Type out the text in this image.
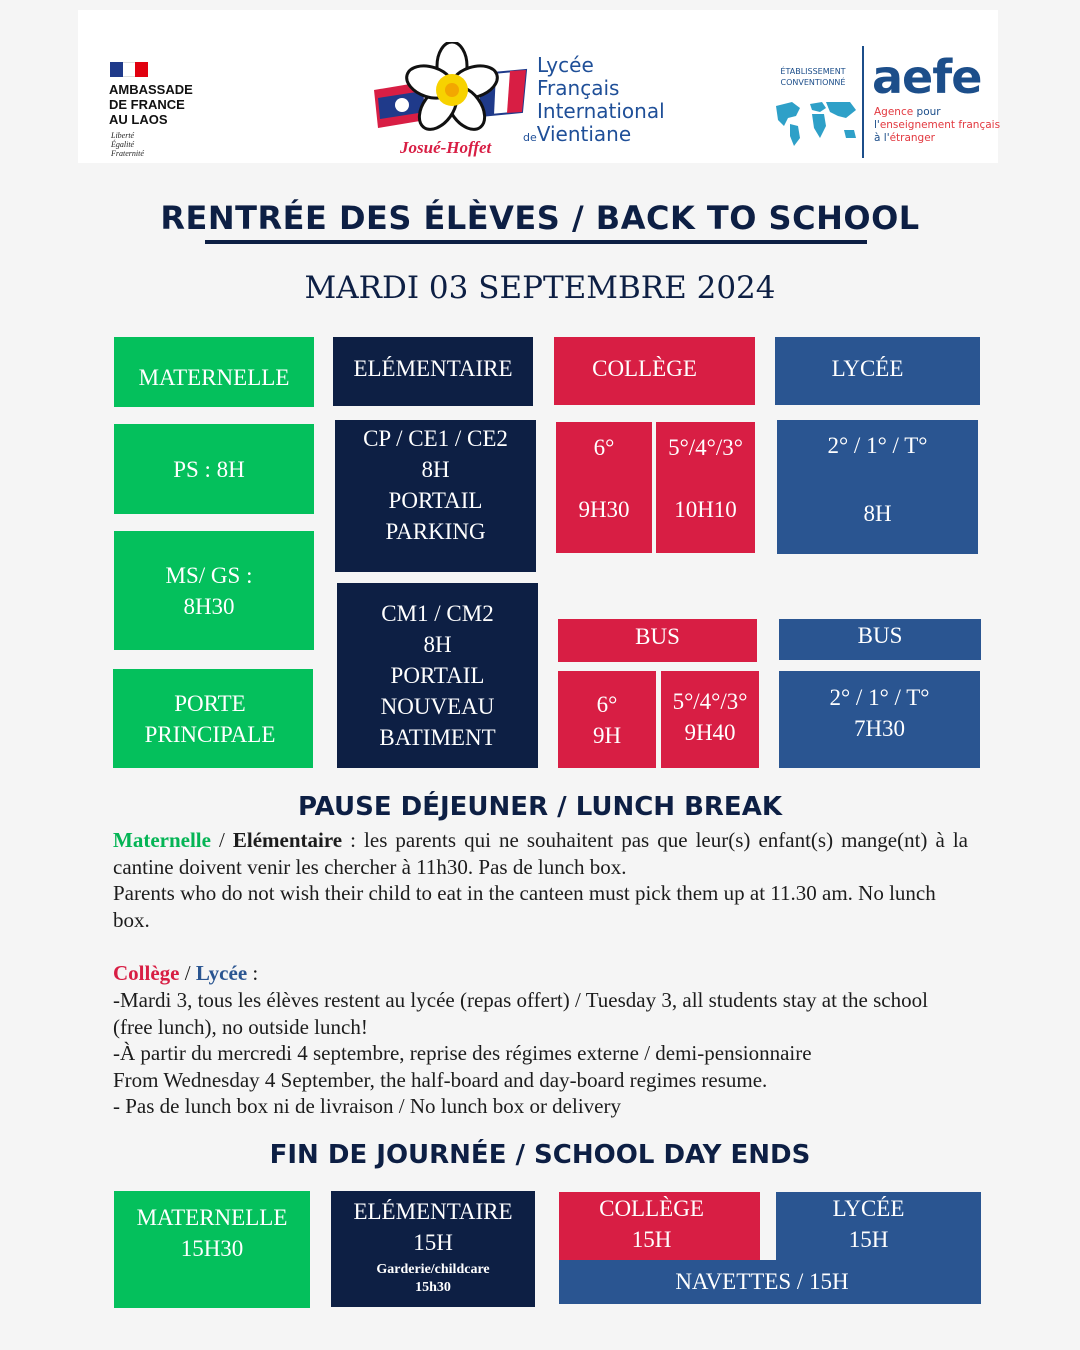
AMBASSADE
DE FRANCE
AU LAOS
Liberté
Égalité
Fraternité	Josué-Hoffet
Lycée
Français
International
deVientiane
ÉTABLISSEMENT
CONVENTIONNÉ aefe
Agence pour
l'enseignement français
à l'étranger
RENTRÉE DES ÉLÈVES / BACK TO SCHOOL
MARDI 03 SEPTEMBRE 2024
MATERNELLE	ELÉMENTAIRE	COLLÈGE	LYCÉE
PS : 8H
MS/ GS :
8H30
PORTE
PRINCIPALE
CP / CE1 / CE2
8H
PORTAIL
PARKING
CM1 / CM2
8H
PORTAIL
NOUVEAU
BATIMENT
6°
9H30
5°/4°/3°
10H10
2° / 1° / T°
8H
BUS	BUS
6°
9H
5°/4°/3°
9H40
2° / 1° / T°
7H30
PAUSE DÉJEUNER / LUNCH BREAK
Maternelle / Elémentaire : les parents qui ne souhaitent pas que leur(s) enfant(s) mange(nt) à la cantine doivent venir les chercher à 11h30. Pas de lunch box.
Parents who do not wish their child to eat in the canteen must pick them up at 11.30 am. No lunch box.
Collège / Lycée :
-Mardi 3, tous les élèves restent au lycée (repas offert) / Tuesday 3, all students stay at the school (free lunch), no outside lunch!
-À partir du mercredi 4 septembre, reprise des régimes externe / demi-pensionnaire
From Wednesday 4 September, the half-board and day-board regimes resume.
- Pas de lunch box ni de livraison / No lunch box or delivery
FIN DE JOURNÉE / SCHOOL DAY ENDS
MATERNELLE
15H30
ELÉMENTAIRE
15H
Garderie/childcare
15h30
COLLÈGE
15H
LYCÉE
15H
NAVETTES / 15H
